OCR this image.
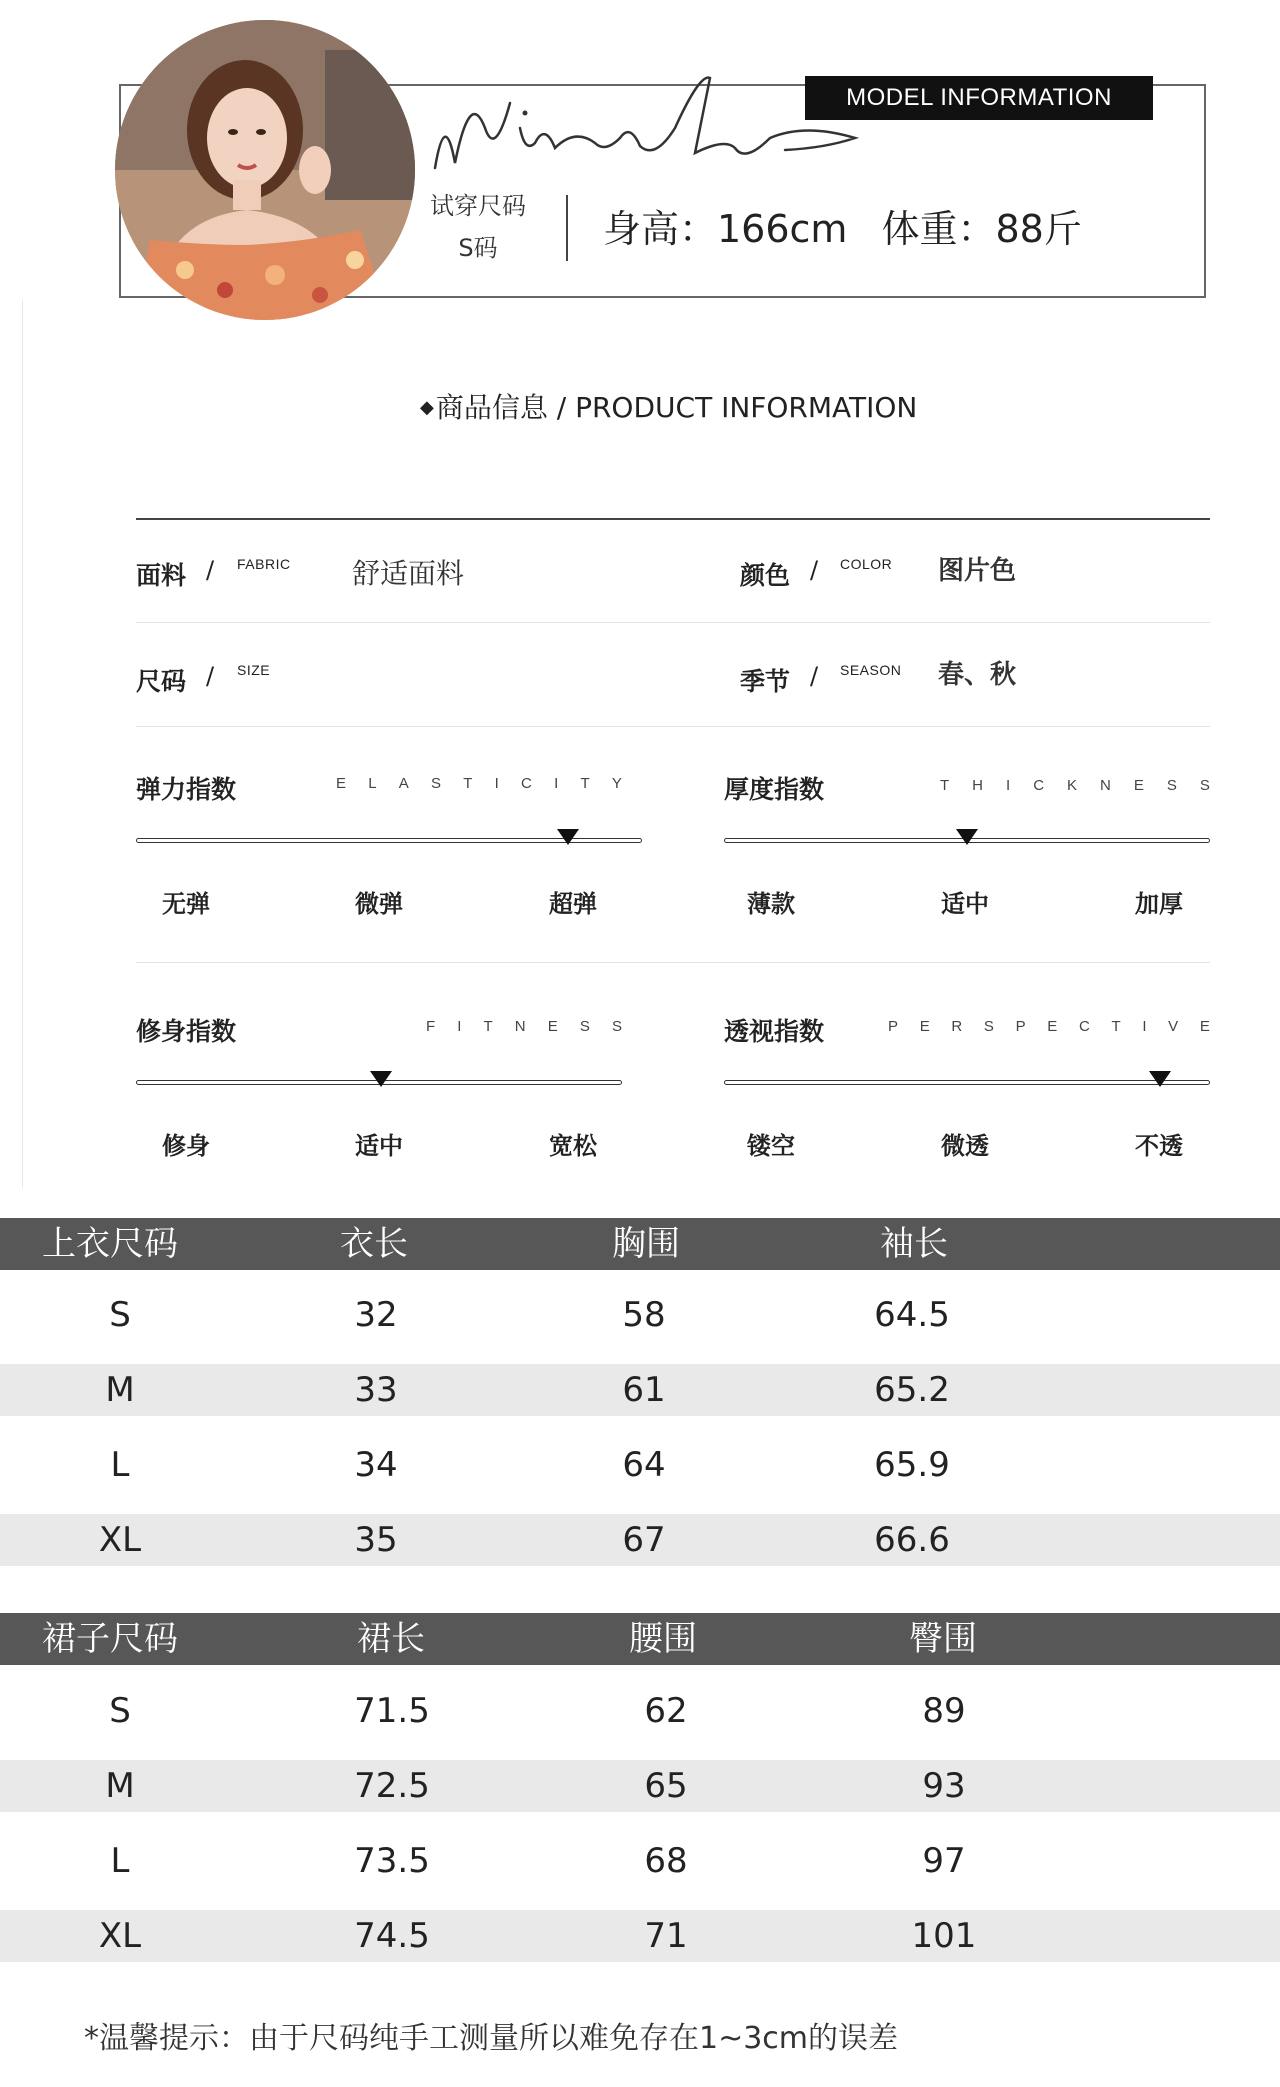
MODEL INFORMATION
试穿尺码
S码	身高：166cm 体重：88斤
◆商品信息 / PRODUCT INFORMATION
面料 / FABRIC 舒适面料	颜色 / COLOR 图片色
尺码 / SIZE	季节 / SEASON 春、秋
弹力指数	E L A S T I C I T Y
无弹	微弹	超弹
厚度指数	T H I C K N E S S
薄款	适中	加厚
修身指数	F I T N E S S
修身	适中	宽松
透视指数	P E R S P E C T I V E
镂空	微透	不透
上衣尺码	衣长	胸围	袖长
S	32	58	64.5
M	33	61	65.2
L	34	64	65.9
XL	35	67	66.6
裙子尺码	裙长	腰围	臀围
S	71.5	62	89
M	72.5	65	93
L	73.5	68	97
XL	74.5	71	101
*温馨提示：由于尺码纯手工测量所以难免存在1~3cm的误差
